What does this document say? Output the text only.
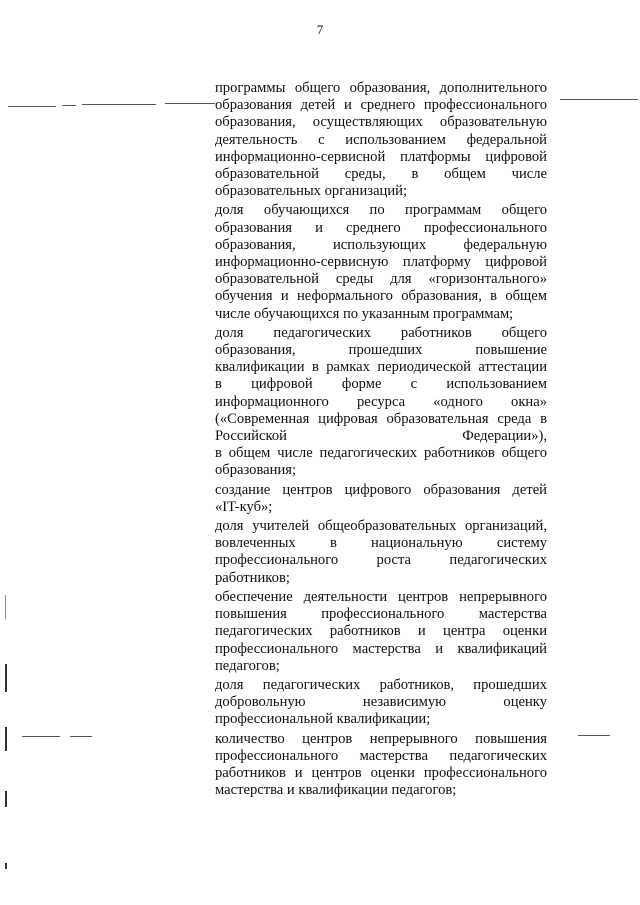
7
программы общего образования, дополнительного
образования детей и среднего профессионального
образования, осуществляющих образовательную
деятельность с использованием федеральной
информационно-сервисной платформы цифровой
образовательной среды, в общем числе
образовательных организаций;
доля обучающихся по программам общего
образования и среднего профессионального
образования, использующих федеральную
информационно-сервисную платформу цифровой
образовательной среды для «горизонтального»
обучения и неформального образования, в общем
числе обучающихся по указанным программам;
доля педагогических работников общего
образования, прошедших повышение
квалификации в рамках периодической аттестации
в цифровой форме с использованием
информационного ресурса «одного окна»
(«Современная цифровая образовательная среда в
Российской Федерации»),
в общем числе педагогических работников общего
образования;
создание центров цифрового образования детей
«IT-куб»;
доля учителей общеобразовательных организаций,
вовлеченных в национальную систему
профессионального роста педагогических
работников;
обеспечение деятельности центров непрерывного
повышения профессионального мастерства
педагогических работников и центра оценки
профессионального мастерства и квалификаций
педагогов;
доля педагогических работников, прошедших
добровольную независимую оценку
профессиональной квалификации;
количество центров непрерывного повышения
профессионального мастерства педагогических
работников и центров оценки профессионального
мастерства и квалификации педагогов;
